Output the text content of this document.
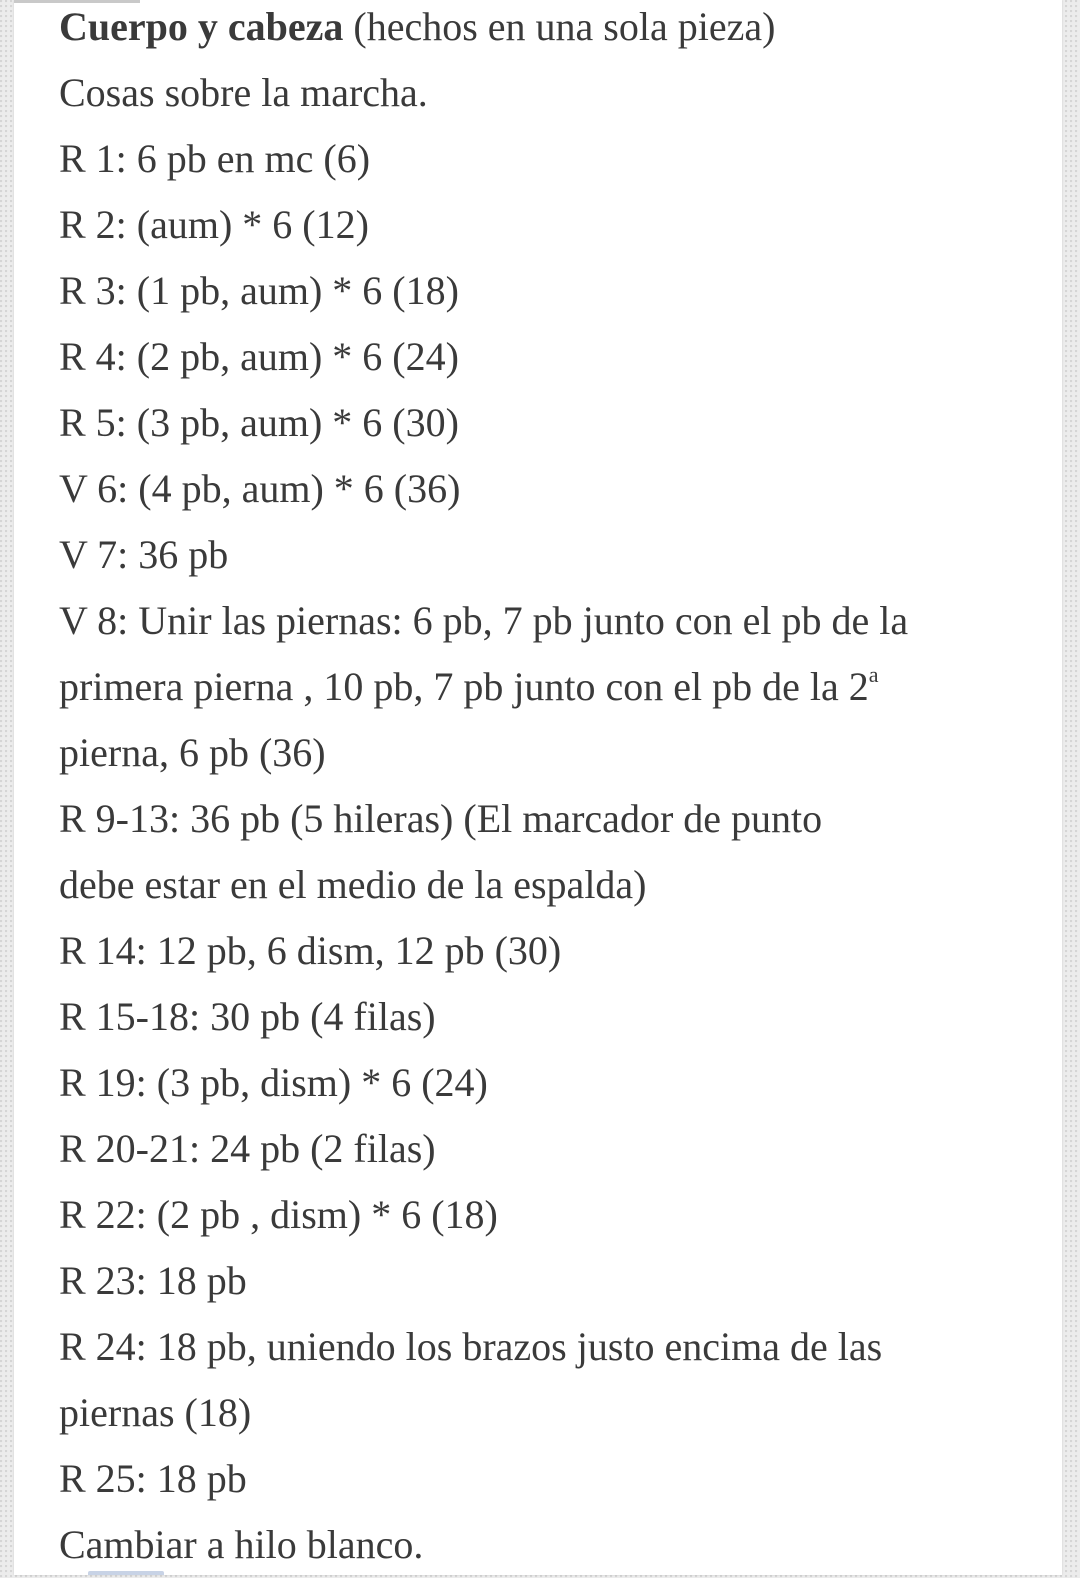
Cuerpo y cabeza (hechos en una sola pieza)

Cosas sobre la marcha.

R 1: 6 pb en mc (6)

R 2: (aum) * 6 (12)

R 3: (1 pb, aum) * 6 (18)

R 4: (2 pb, aum) * 6 (24)

R 5: (3 pb, aum) * 6 (30)

V 6: (4 pb, aum) * 6 (36)

V 7: 36 pb

V 8: Unir las piernas: 6 pb, 7 pb junto con el pb de la

primera pierna , 10 pb, 7 pb junto con el pb de la 2$^a$

pierna, 6 pb (36)

R 9-13: 36 pb (5 hileras) (El marcador de punto

debe estar en el medio de la espalda)

R 14: 12 pb, 6 dism, 12 pb (30)

R 15-18: 30 pb (4 filas)

R 19: (3 pb, dism) * 6 (24)

R 20-21: 24 pb (2 filas)

R 22: (2 pb , dism) * 6 (18)

R 23: 18 pb

R 24: 18 pb, uniendo los brazos justo encima de las

piernas (18)

R 25: 18 pb

Cambiar a hilo blanco.
